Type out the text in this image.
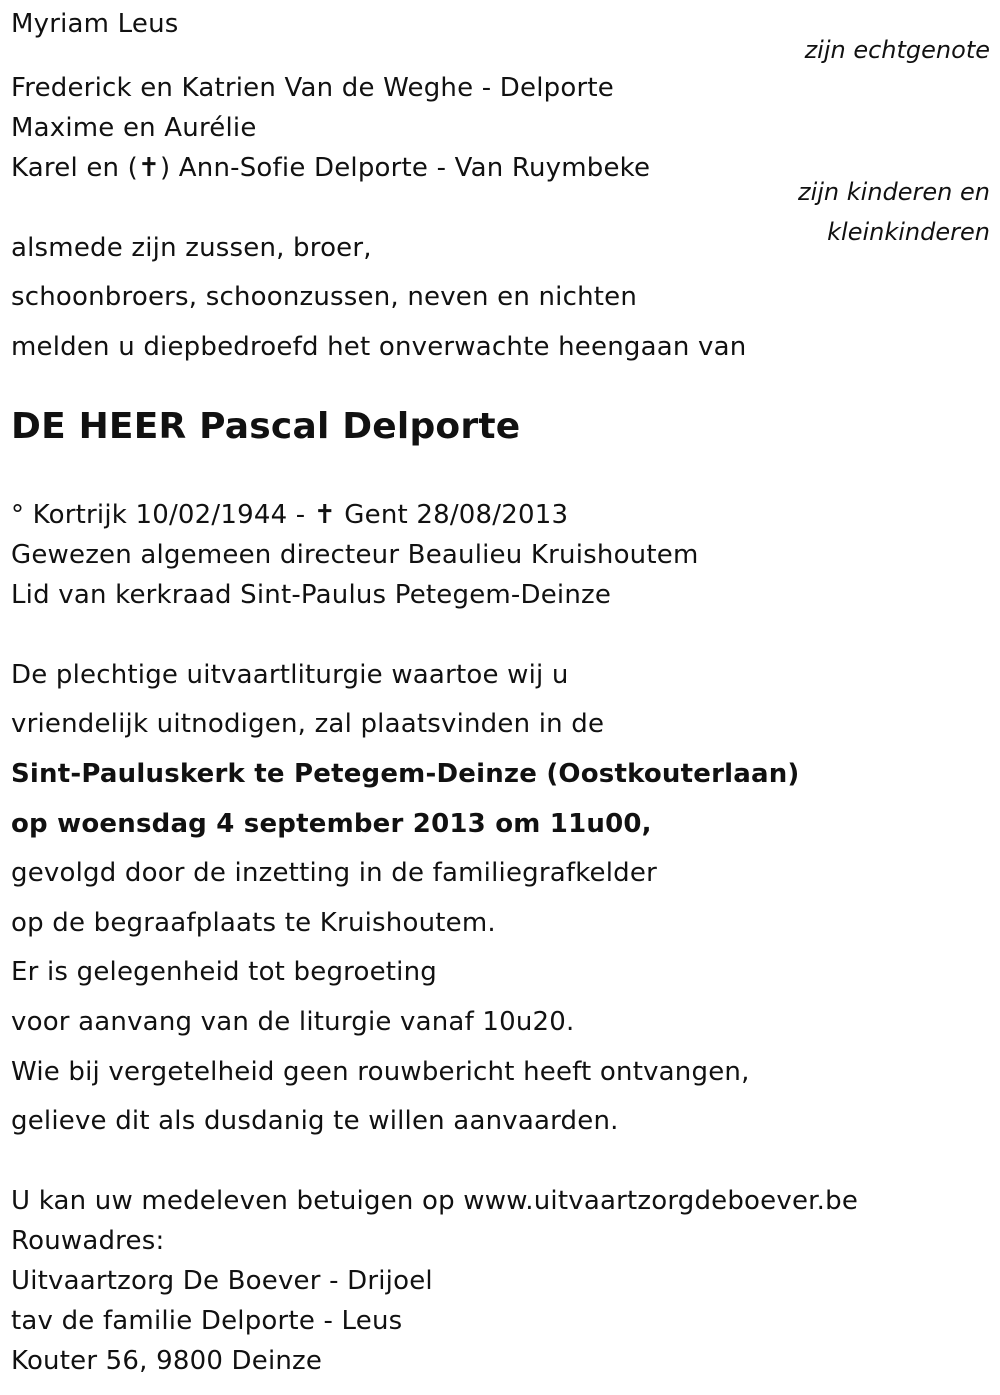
Myriam Leus
zijn echtgenote
Frederick en Katrien Van de Weghe - Delporte
Maxime en Aurélie
Karel en (✝) Ann-Sofie Delporte - Van Ruymbeke
zijn kinderen en
kleinkinderen
alsmede zijn zussen, broer,
schoonbroers, schoonzussen, neven en nichten
melden u diepbedroefd het onverwachte heengaan van
DE HEER Pascal Delporte
° Kortrijk 10/02/1944 - ✝ Gent 28/08/2013
Gewezen algemeen directeur Beaulieu Kruishoutem
Lid van kerkraad Sint-Paulus Petegem-Deinze
De plechtige uitvaartliturgie waartoe wij u
vriendelijk uitnodigen, zal plaatsvinden in de
Sint-Pauluskerk te Petegem-Deinze (Oostkouterlaan)
op woensdag 4 september 2013 om 11u00,
gevolgd door de inzetting in de familiegrafkelder
op de begraafplaats te Kruishoutem.
Er is gelegenheid tot begroeting
voor aanvang van de liturgie vanaf 10u20.
Wie bij vergetelheid geen rouwbericht heeft ontvangen,
gelieve dit als dusdanig te willen aanvaarden.
U kan uw medeleven betuigen op www.uitvaartzorgdeboever.be
Rouwadres:
Uitvaartzorg De Boever - Drijoel
tav de familie Delporte - Leus
Kouter 56, 9800 Deinze
